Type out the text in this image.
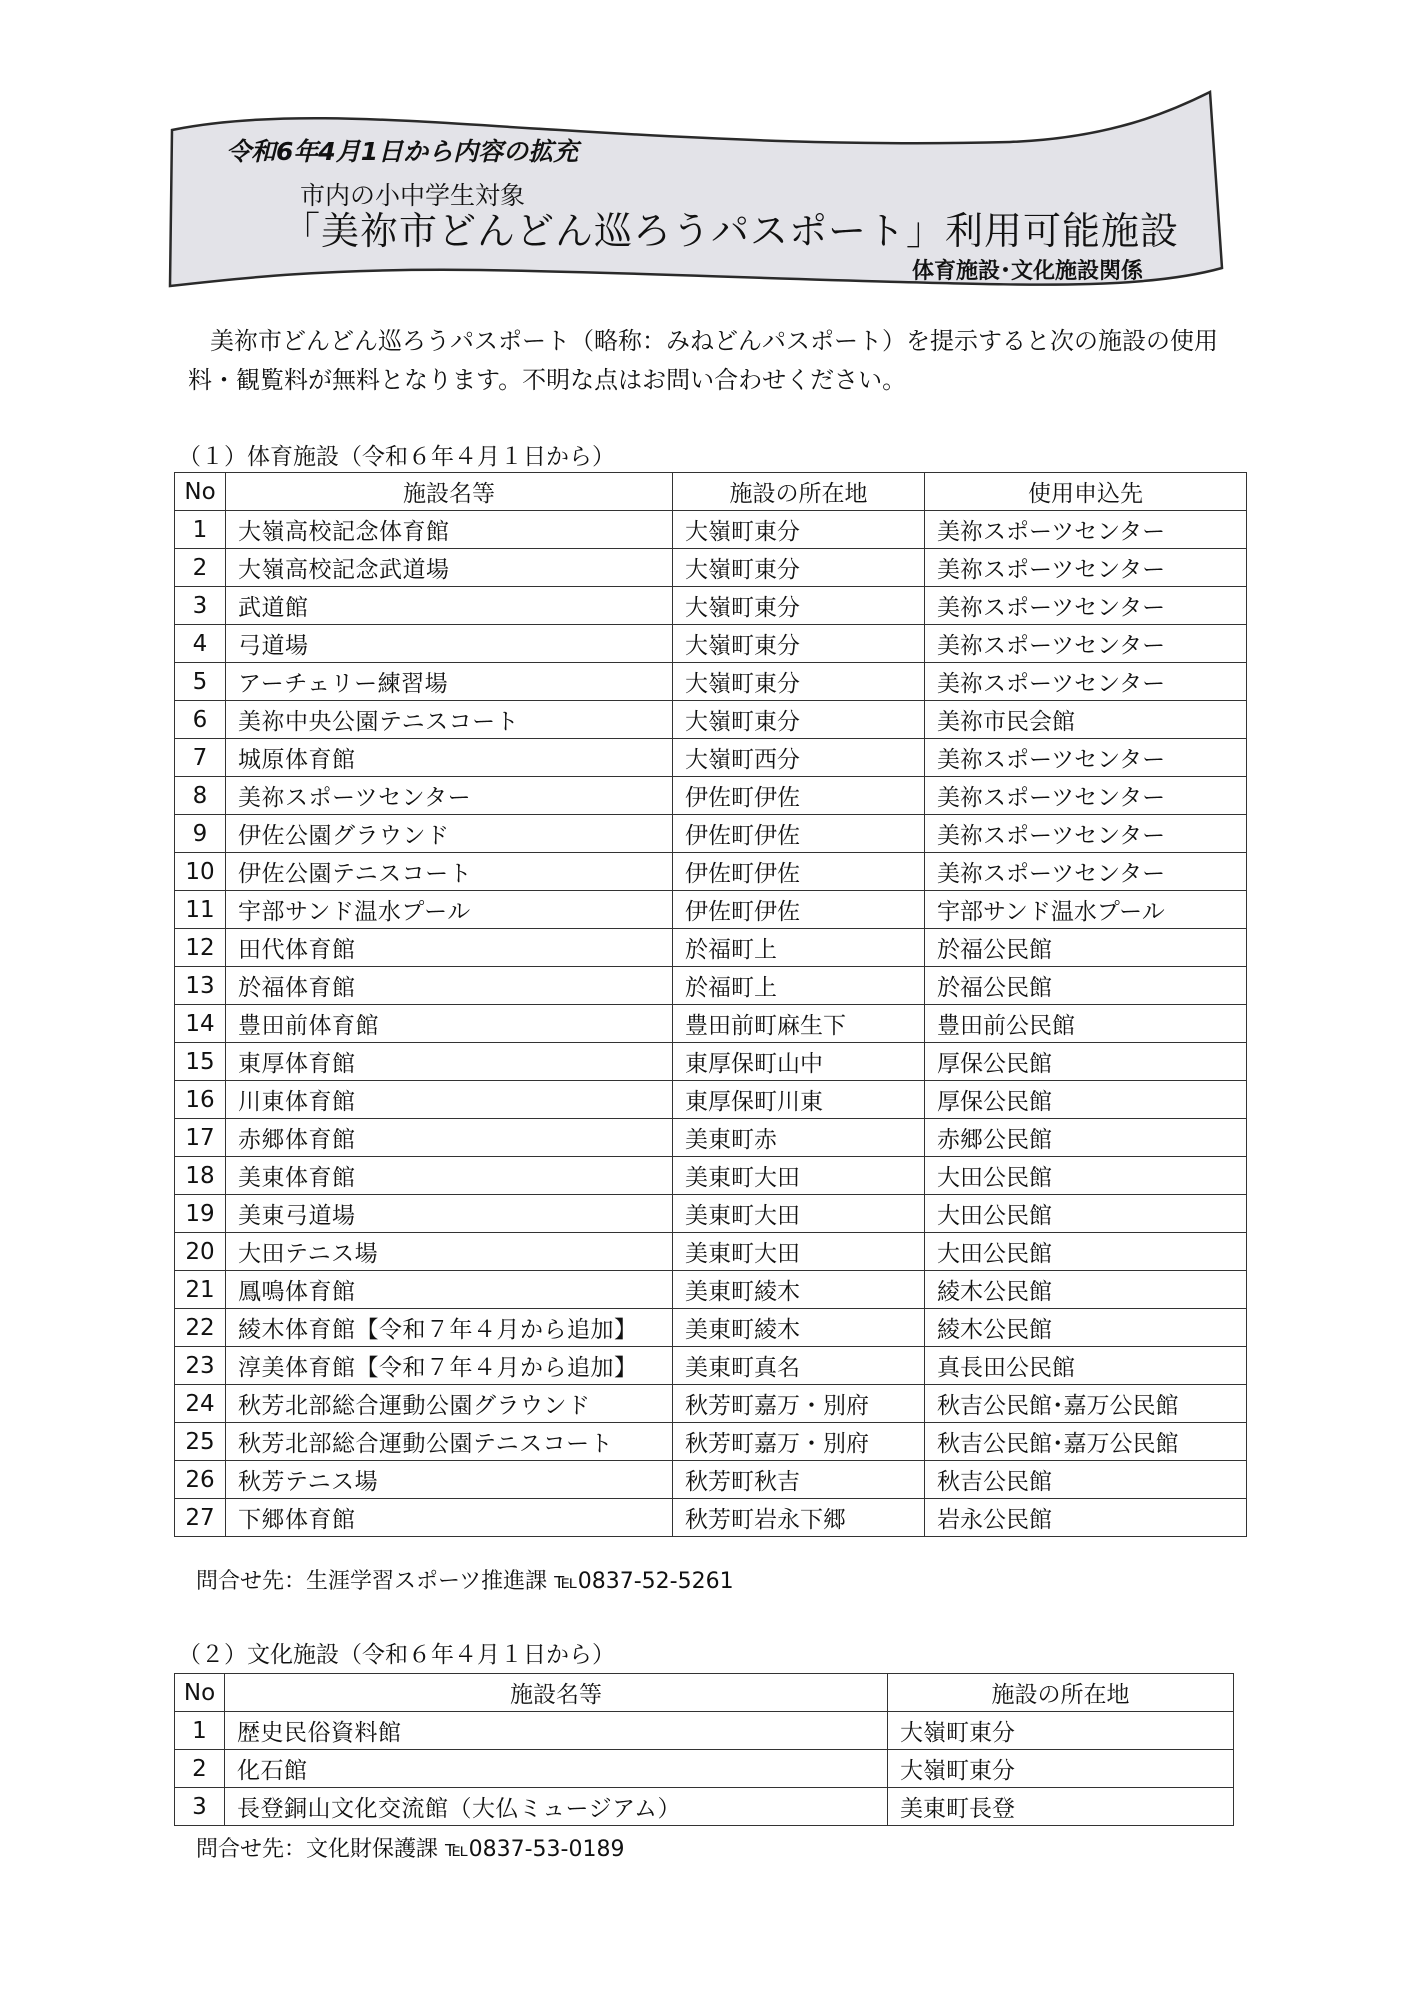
令和6年4月1日から内容の拡充
市内の小中学生対象
「美祢市どんどん巡ろうパスポート」利用可能施設
体育施設･文化施設関係

美祢市どんどん巡ろうパスポート（略称：みねどんパスポート）を提示すると次の施設の使用料・観覧料が無料となります。不明な点はお問い合わせください。

（１）体育施設（令和６年４月１日から）
No	施設名等	施設の所在地	使用申込先
1	大嶺高校記念体育館	大嶺町東分	美祢スポーツセンター
2	大嶺高校記念武道場	大嶺町東分	美祢スポーツセンター
3	武道館	大嶺町東分	美祢スポーツセンター
4	弓道場	大嶺町東分	美祢スポーツセンター
5	アーチェリー練習場	大嶺町東分	美祢スポーツセンター
6	美祢中央公園テニスコート	大嶺町東分	美祢市民会館
7	城原体育館	大嶺町西分	美祢スポーツセンター
8	美祢スポーツセンター	伊佐町伊佐	美祢スポーツセンター
9	伊佐公園グラウンド	伊佐町伊佐	美祢スポーツセンター
10	伊佐公園テニスコート	伊佐町伊佐	美祢スポーツセンター
11	宇部サンド温水プール	伊佐町伊佐	宇部サンド温水プール
12	田代体育館	於福町上	於福公民館
13	於福体育館	於福町上	於福公民館
14	豊田前体育館	豊田前町麻生下	豊田前公民館
15	東厚体育館	東厚保町山中	厚保公民館
16	川東体育館	東厚保町川東	厚保公民館
17	赤郷体育館	美東町赤	赤郷公民館
18	美東体育館	美東町大田	大田公民館
19	美東弓道場	美東町大田	大田公民館
20	大田テニス場	美東町大田	大田公民館
21	鳳鳴体育館	美東町綾木	綾木公民館
22	綾木体育館【令和７年４月から追加】	美東町綾木	綾木公民館
23	淳美体育館【令和７年４月から追加】	美東町真名	真長田公民館
24	秋芳北部総合運動公園グラウンド	秋芳町嘉万・別府	秋吉公民館･嘉万公民館
25	秋芳北部総合運動公園テニスコート	秋芳町嘉万・別府	秋吉公民館･嘉万公民館
26	秋芳テニス場	秋芳町秋吉	秋吉公民館
27	下郷体育館	秋芳町岩永下郷	岩永公民館
問合せ先：生涯学習スポーツ推進課 ℡0837-52-5261
（２）文化施設（令和６年４月１日から）
No	施設名等	施設の所在地
1	歴史民俗資料館	大嶺町東分
2	化石館	大嶺町東分
3	長登銅山文化交流館（大仏ミュージアム）	美東町長登
問合せ先：文化財保護課 ℡0837-53-0189
